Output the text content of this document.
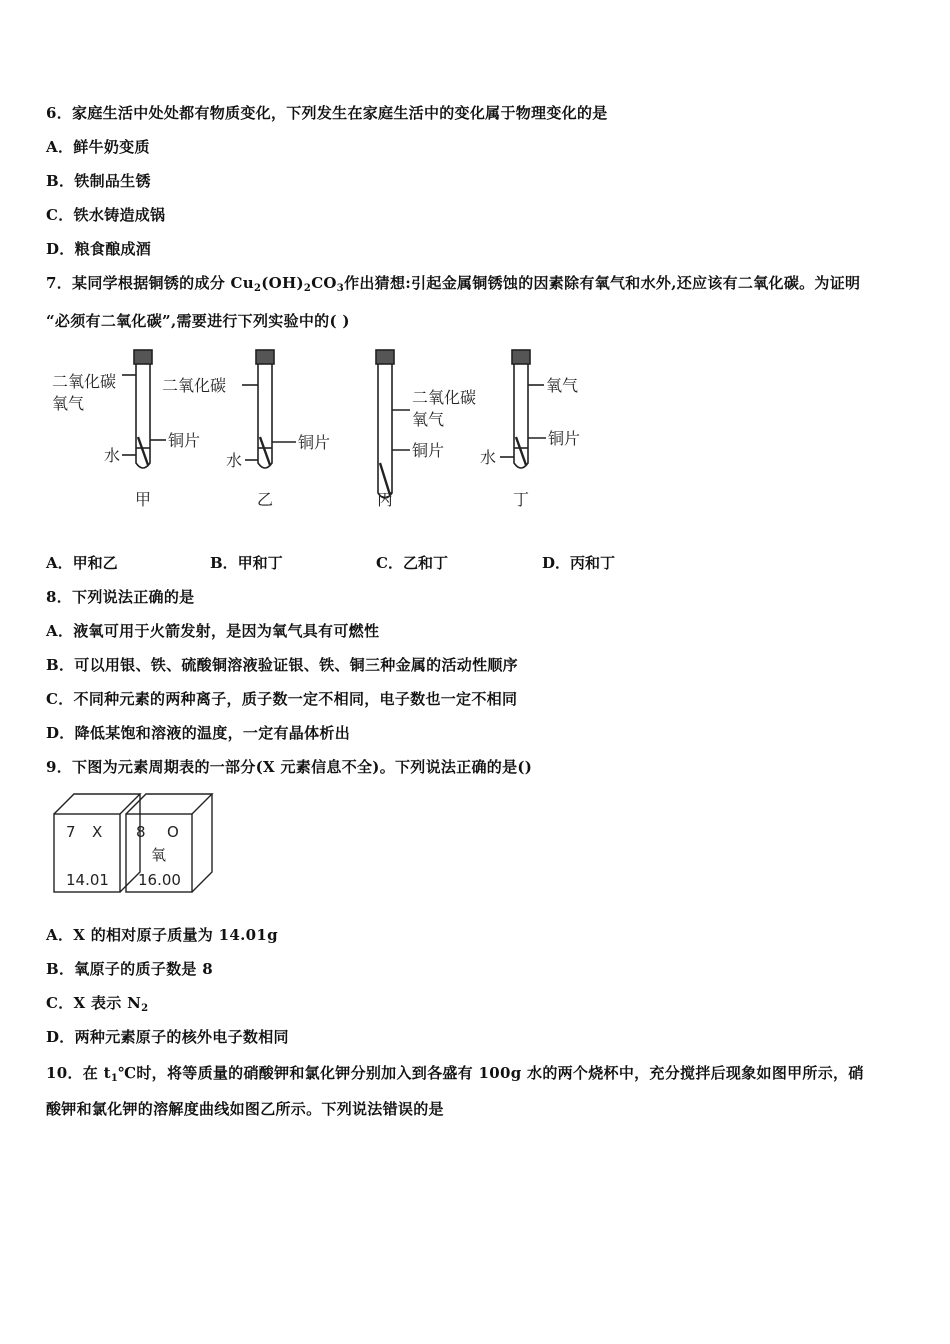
6．家庭生活中处处都有物质变化，下列发生在家庭生活中的变化属于物理变化的是
A．鲜牛奶变质
B．铁制品生锈
C．铁水铸造成锅
D．粮食酿成酒
7．某同学根据铜锈的成分 $Cu_2(OH)_2CO_3$作出猜想:引起金属铜锈蚀的因素除有氧气和水外,还应该有二氧化碳。为证明
“必须有二氧化碳”,需要进行下列实验中的( )
二氧化碳
氧气
铜片
水
甲
二氧化碳
铜片
水
乙
二氧化碳
氧气
铜片
丙
氧气
铜片
水
丁
A．甲和乙	B．甲和丁	C．乙和丁	D．丙和丁
8．下列说法正确的是
A．液氧可用于火箭发射，是因为氧气具有可燃性
B．可以用银、铁、硫酸铜溶液验证银、铁、铜三种金属的活动性顺序
C．不同种元素的两种离子，质子数一定不相同，电子数也一定不相同
D．降低某饱和溶液的温度，一定有晶体析出
9．下图为元素周期表的一部分(X 元素信息不全)。下列说法正确的是()
7 X
14.01
8 O
氧
16.00
A．X 的相对原子质量为 14.01g
B．氧原子的质子数是 8
C．X 表示 $N_2$
D．两种元素原子的核外电子数相同
10．在 $t_1℃$时，将等质量的硝酸钾和氯化钾分别加入到各盛有 100g 水的两个烧杯中，充分搅拌后现象如图甲所示，硝
酸钾和氯化钾的溶解度曲线如图乙所示。下列说法错误的是
